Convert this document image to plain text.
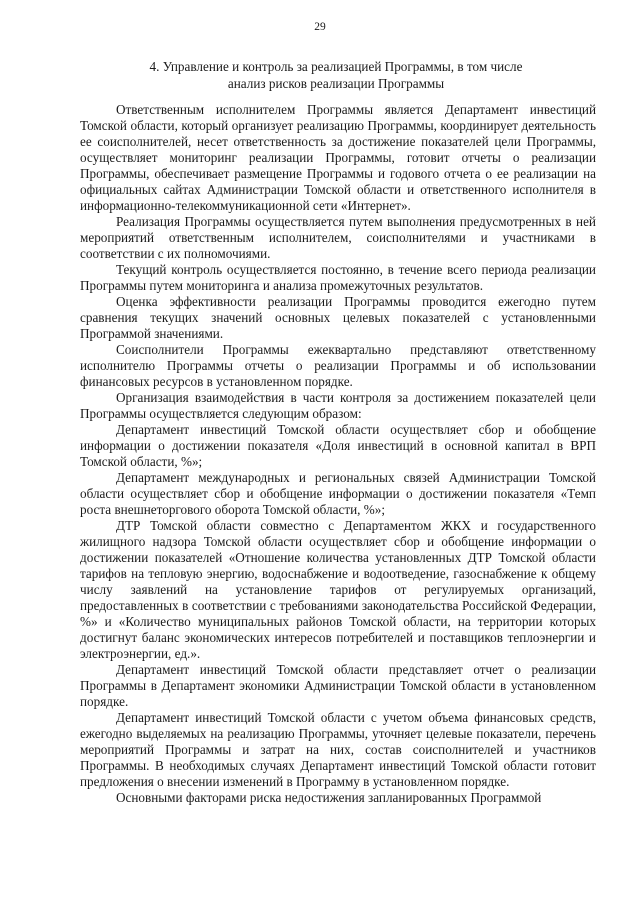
29
4. Управление и контроль за реализацией Программы, в том числе
анализ рисков реализации Программы

Ответственным исполнителем Программы является Департамент инвестиций Томской области, который организует реализацию Программы, координирует деятельность ее соисполнителей, несет ответственность за достижение показателей цели Программы, осуществляет мониторинг реализации Программы, готовит отчеты о реализации Программы, обеспечивает размещение Программы и годового отчета о ее реализации на официальных сайтах Администрации Томской области и ответственного исполнителя в информационно-телекоммуникационной сети «Интернет».

Реализация Программы осуществляется путем выполнения предусмотренных в ней мероприятий ответственным исполнителем, соисполнителями и участниками в соответствии с их полномочиями.

Текущий контроль осуществляется постоянно, в течение всего периода реализации Программы путем мониторинга и анализа промежуточных результатов.

Оценка эффективности реализации Программы проводится ежегодно путем сравнения текущих значений основных целевых показателей с установленными Программой значениями.

Соисполнители Программы ежеквартально представляют ответственному исполнителю Программы отчеты о реализации Программы и об использовании финансовых ресурсов в установленном порядке.

Организация взаимодействия в части контроля за достижением показателей цели Программы осуществляется следующим образом:

Департамент инвестиций Томской области осуществляет сбор и обобщение информации о достижении показателя «Доля инвестиций в основной капитал в ВРП Томской области, %»;

Департамент международных и региональных связей Администрации Томской области осуществляет сбор и обобщение информации о достижении показателя «Темп роста внешнеторгового оборота Томской области, %»;

ДТР Томской области совместно с Департаментом ЖКХ и государственного жилищного надзора Томской области осуществляет сбор и обобщение информации о достижении показателей «Отношение количества установленных ДТР Томской области тарифов на тепловую энергию, водоснабжение и водоотведение, газоснабжение к общему числу заявлений на установление тарифов от регулируемых организаций, предоставленных в соответствии с требованиями законодательства Российской Федерации, %» и «Количество муниципальных районов Томской области, на территории которых достигнут баланс экономических интересов потребителей и поставщиков теплоэнергии и электроэнергии, ед.».

Департамент инвестиций Томской области представляет отчет о реализации Программы в Департамент экономики Администрации Томской области в установленном порядке.

Департамент инвестиций Томской области с учетом объема финансовых средств, ежегодно выделяемых на реализацию Программы, уточняет целевые показатели, перечень мероприятий Программы и затрат на них, состав соисполнителей и участников Программы. В необходимых случаях Департамент инвестиций Томской области готовит предложения о внесении изменений в Программу в установленном порядке.

Основными факторами риска недостижения запланированных Программой
